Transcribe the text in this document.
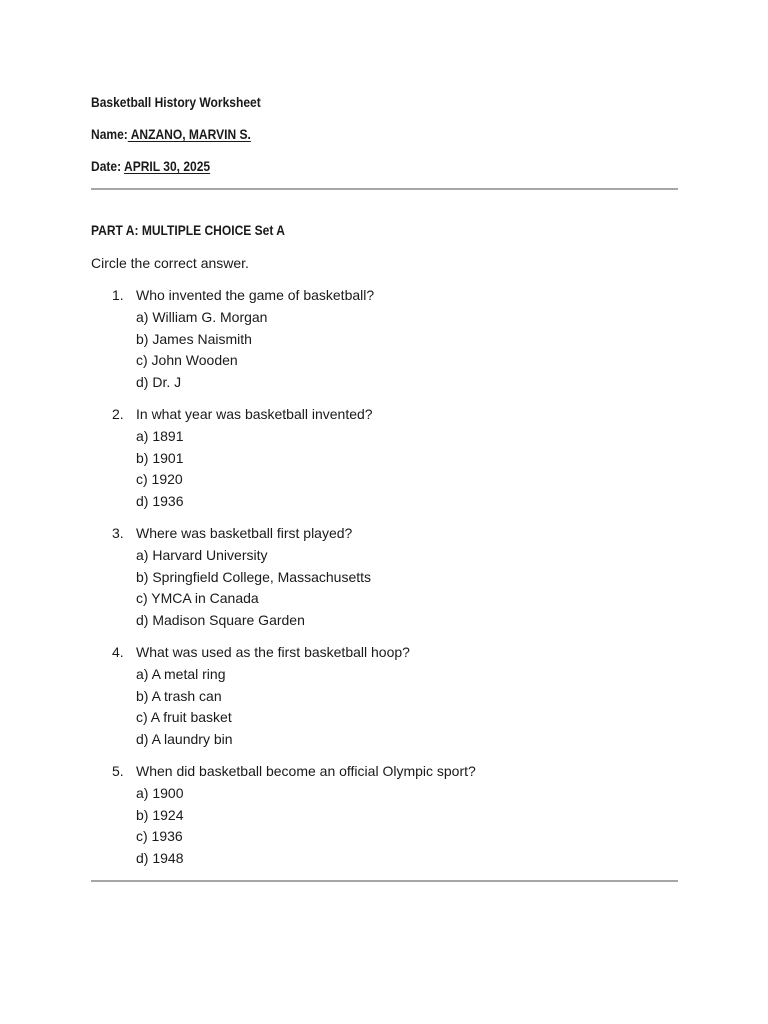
Basketball History Worksheet
Name: ANZANO, MARVIN S.
Date: APRIL 30, 2025
PART A: MULTIPLE CHOICE Set A
Circle the correct answer.
1. Who invented the game of basketball?
a) William G. Morgan
b) James Naismith
c) John Wooden
d) Dr. J
2. In what year was basketball invented?
a) 1891
b) 1901
c) 1920
d) 1936
3. Where was basketball first played?
a) Harvard University
b) Springfield College, Massachusetts
c) YMCA in Canada
d) Madison Square Garden
4. What was used as the first basketball hoop?
a) A metal ring
b) A trash can
c) A fruit basket
d) A laundry bin
5. When did basketball become an official Olympic sport?
a) 1900
b) 1924
c) 1936
d) 1948
